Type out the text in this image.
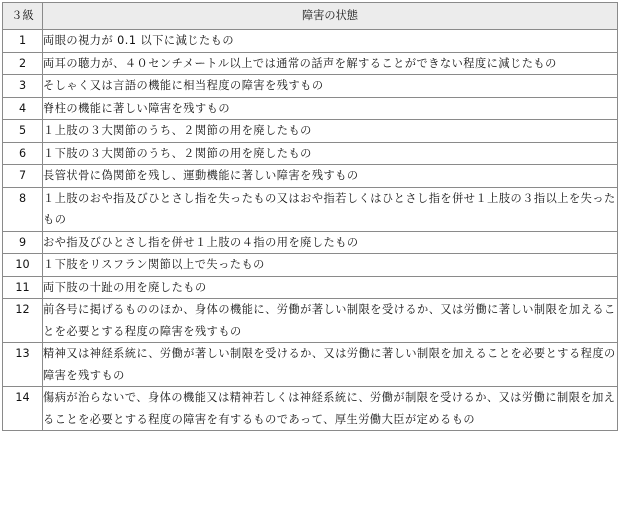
３級	障害の状態
1	両眼の視力が 0.1 以下に減じたもの
2	両耳の聴力が、４０センチメートル以上では通常の話声を解することができない程度に減じたもの
3	そしゃく又は言語の機能に相当程度の障害を残すもの
4	脊柱の機能に著しい障害を残すもの
5	１上肢の３大関節のうち、２関節の用を廃したもの
6	１下肢の３大関節のうち、２関節の用を廃したもの
7	長管状骨に偽関節を残し、運動機能に著しい障害を残すもの
8	１上肢のおや指及びひとさし指を失ったもの又はおや指若しくはひとさし指を併せ１上肢の３指以上を失ったもの
9	おや指及びひとさし指を併せ１上肢の４指の用を廃したもの
10	１下肢をリスフラン関節以上で失ったもの
11	両下肢の十趾の用を廃したもの
12	前各号に掲げるもののほか、身体の機能に、労働が著しい制限を受けるか、又は労働に著しい制限を加えることを必要とする程度の障害を残すもの
13	精神又は神経系統に、労働が著しい制限を受けるか、又は労働に著しい制限を加えることを必要とする程度の障害を残すもの
14	傷病が治らないで、身体の機能又は精神若しくは神経系統に、労働が制限を受けるか、又は労働に制限を加えることを必要とする程度の障害を有するものであって、厚生労働大臣が定めるもの
